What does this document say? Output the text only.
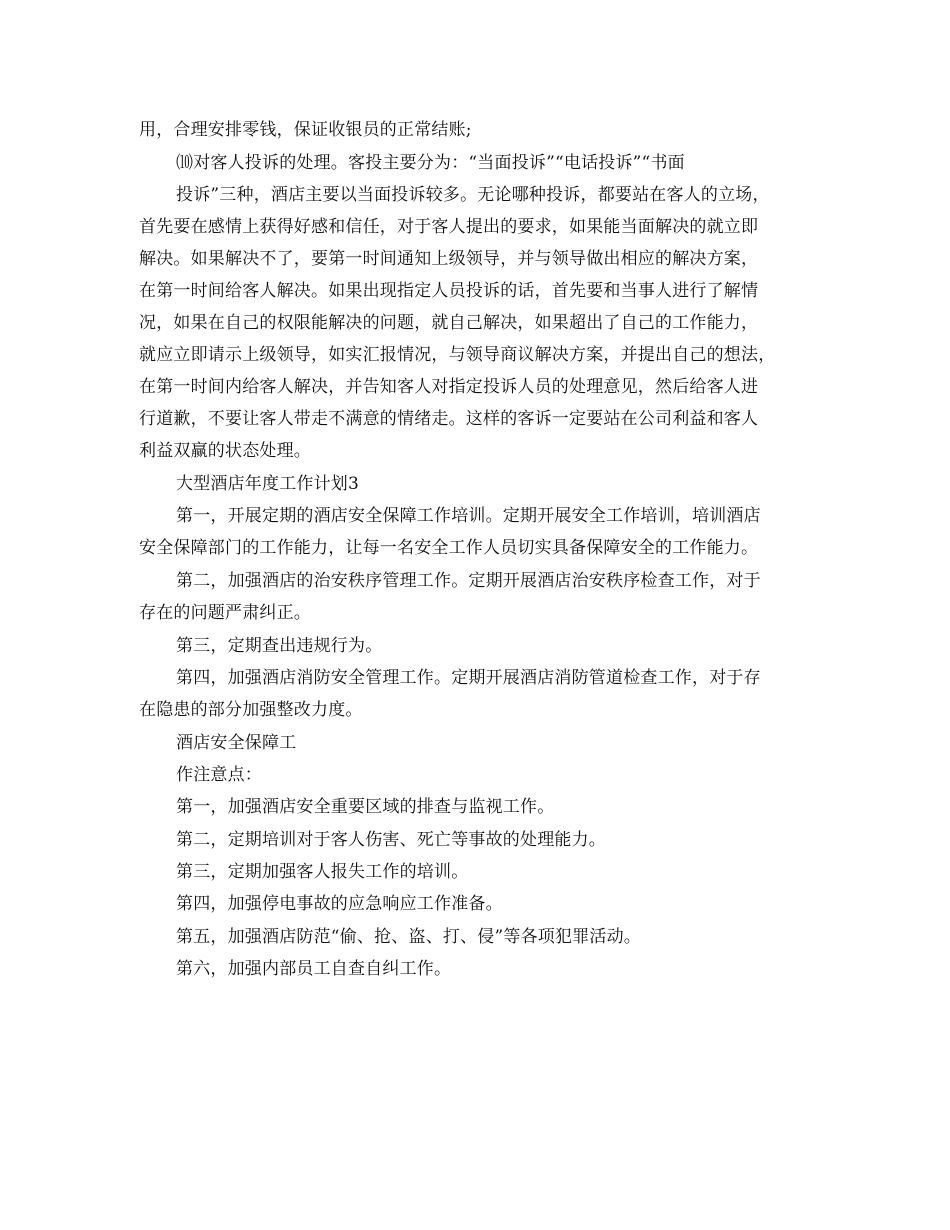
用，合理安排零钱，保证收银员的正常结账;
⑽对客人投诉的处理。客投主要分为：“当面投诉”“电话投诉”“书面
投诉”三种，酒店主要以当面投诉较多。无论哪种投诉，都要站在客人的立场，
首先要在感情上获得好感和信任，对于客人提出的要求，如果能当面解决的就立即
解决。如果解决不了，要第一时间通知上级领导，并与领导做出相应的解决方案，
在第一时间给客人解决。如果出现指定人员投诉的话，首先要和当事人进行了解情
况，如果在自己的权限能解决的问题，就自己解决，如果超出了自己的工作能力，
就应立即请示上级领导，如实汇报情况，与领导商议解决方案，并提出自己的想法，
在第一时间内给客人解决，并告知客人对指定投诉人员的处理意见，然后给客人进
行道歉，不要让客人带走不满意的情绪走。这样的客诉一定要站在公司利益和客人
利益双赢的状态处理。
大型酒店年度工作计划3
第一，开展定期的酒店安全保障工作培训。定期开展安全工作培训，培训酒店
安全保障部门的工作能力，让每一名安全工作人员切实具备保障安全的工作能力。
第二，加强酒店的治安秩序管理工作。定期开展酒店治安秩序检查工作，对于
存在的问题严肃纠正。
第三，定期查出违规行为。
第四，加强酒店消防安全管理工作。定期开展酒店消防管道检查工作，对于存
在隐患的部分加强整改力度。
酒店安全保障工
作注意点：
第一，加强酒店安全重要区域的排查与监视工作。
第二，定期培训对于客人伤害、死亡等事故的处理能力。
第三，定期加强客人报失工作的培训。
第四，加强停电事故的应急响应工作准备。
第五，加强酒店防范“偷、抢、盗、打、侵”等各项犯罪活动。
第六，加强内部员工自查自纠工作。
